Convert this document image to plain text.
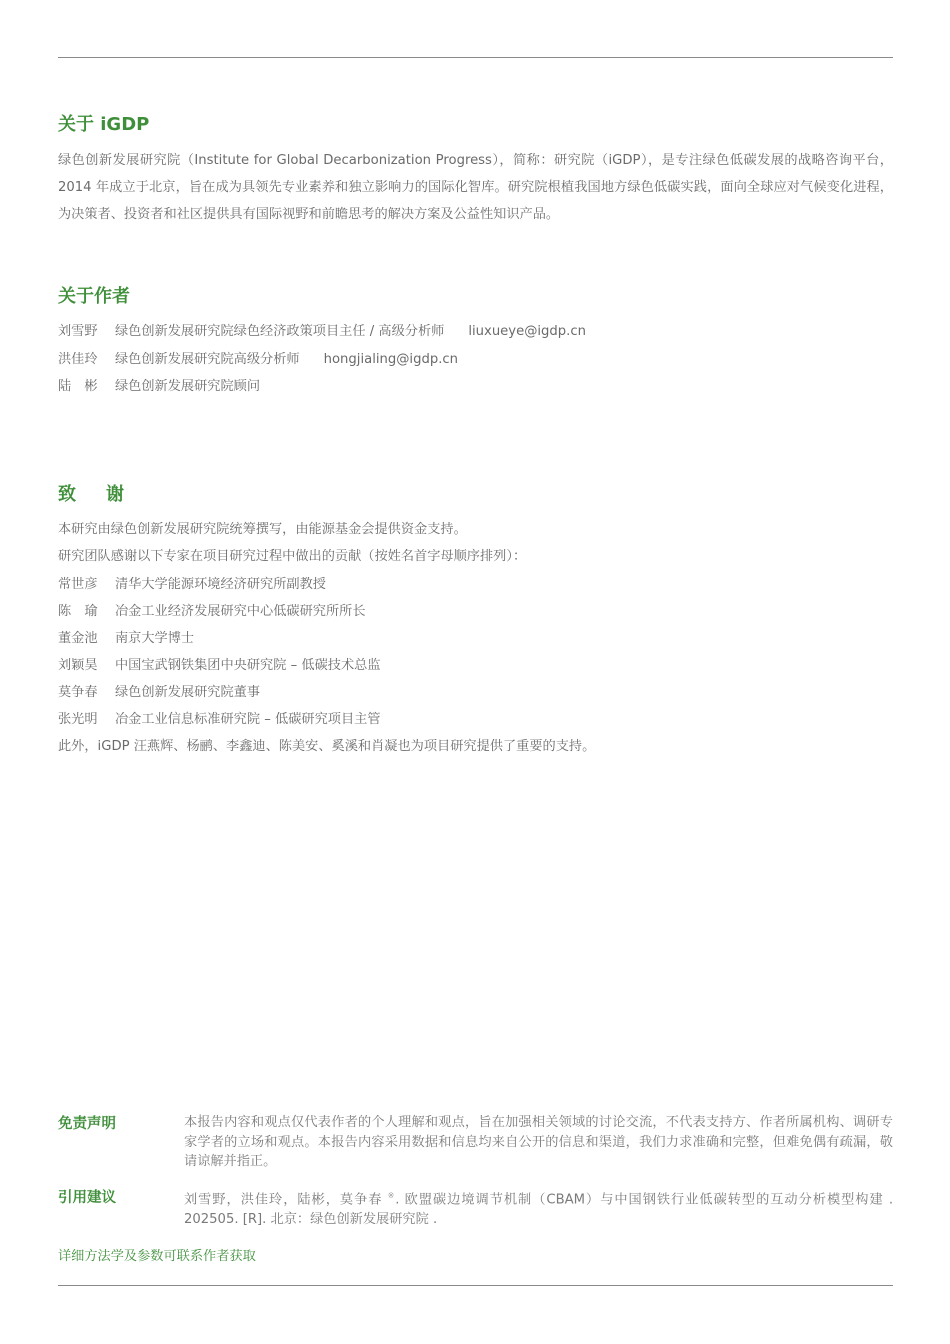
关于 iGDP

绿色创新发展研究院（Institute for Global Decarbonization Progress），简称：研究院（iGDP），是专注绿色低碳发展的战略咨询平台，2014 年成立于北京，旨在成为具领先专业素养和独立影响力的国际化智库。研究院根植我国地方绿色低碳实践，面向全球应对气候变化进程，为决策者、投资者和社区提供具有国际视野和前瞻思考的解决方案及公益性知识产品。

关于作者
刘雪野 绿色创新发展研究院绿色经济政策项目主任 / 高级分析师 liuxueye@igdp.cn
洪佳玲 绿色创新发展研究院高级分析师 hongjialing@igdp.cn
陆　彬 绿色创新发展研究院顾问
致 谢
本研究由绿色创新发展研究院统筹撰写，由能源基金会提供资金支持。
研究团队感谢以下专家在项目研究过程中做出的贡献（按姓名首字母顺序排列）：
常世彦 清华大学能源环境经济研究所副教授
陈　瑜 冶金工业经济发展研究中心低碳研究所所长
董金池 南京大学博士
刘颖昊 中国宝武钢铁集团中央研究院 – 低碳技术总监
莫争春 绿色创新发展研究院董事
张光明 冶金工业信息标准研究院 – 低碳研究项目主管
此外，iGDP 汪燕辉、杨鹂、李鑫迪、陈美安、奚溪和肖凝也为项目研究提供了重要的支持。
免责声明	本报告内容和观点仅代表作者的个人理解和观点，旨在加强相关领域的讨论交流，不代表支持方、作者所属机构、调研专家学者的立场和观点。本报告内容采用数据和信息均来自公开的信息和渠道，我们力求准确和完整，但难免偶有疏漏，敬请谅解并指正。
引用建议	刘雪野，洪佳玲，陆彬，莫争春 ※. 欧盟碳边境调节机制（CBAM）与中国钢铁行业低碳转型的互动分析模型构建 . 202505. [R]. 北京：绿色创新发展研究院 .
详细方法学及参数可联系作者获取
